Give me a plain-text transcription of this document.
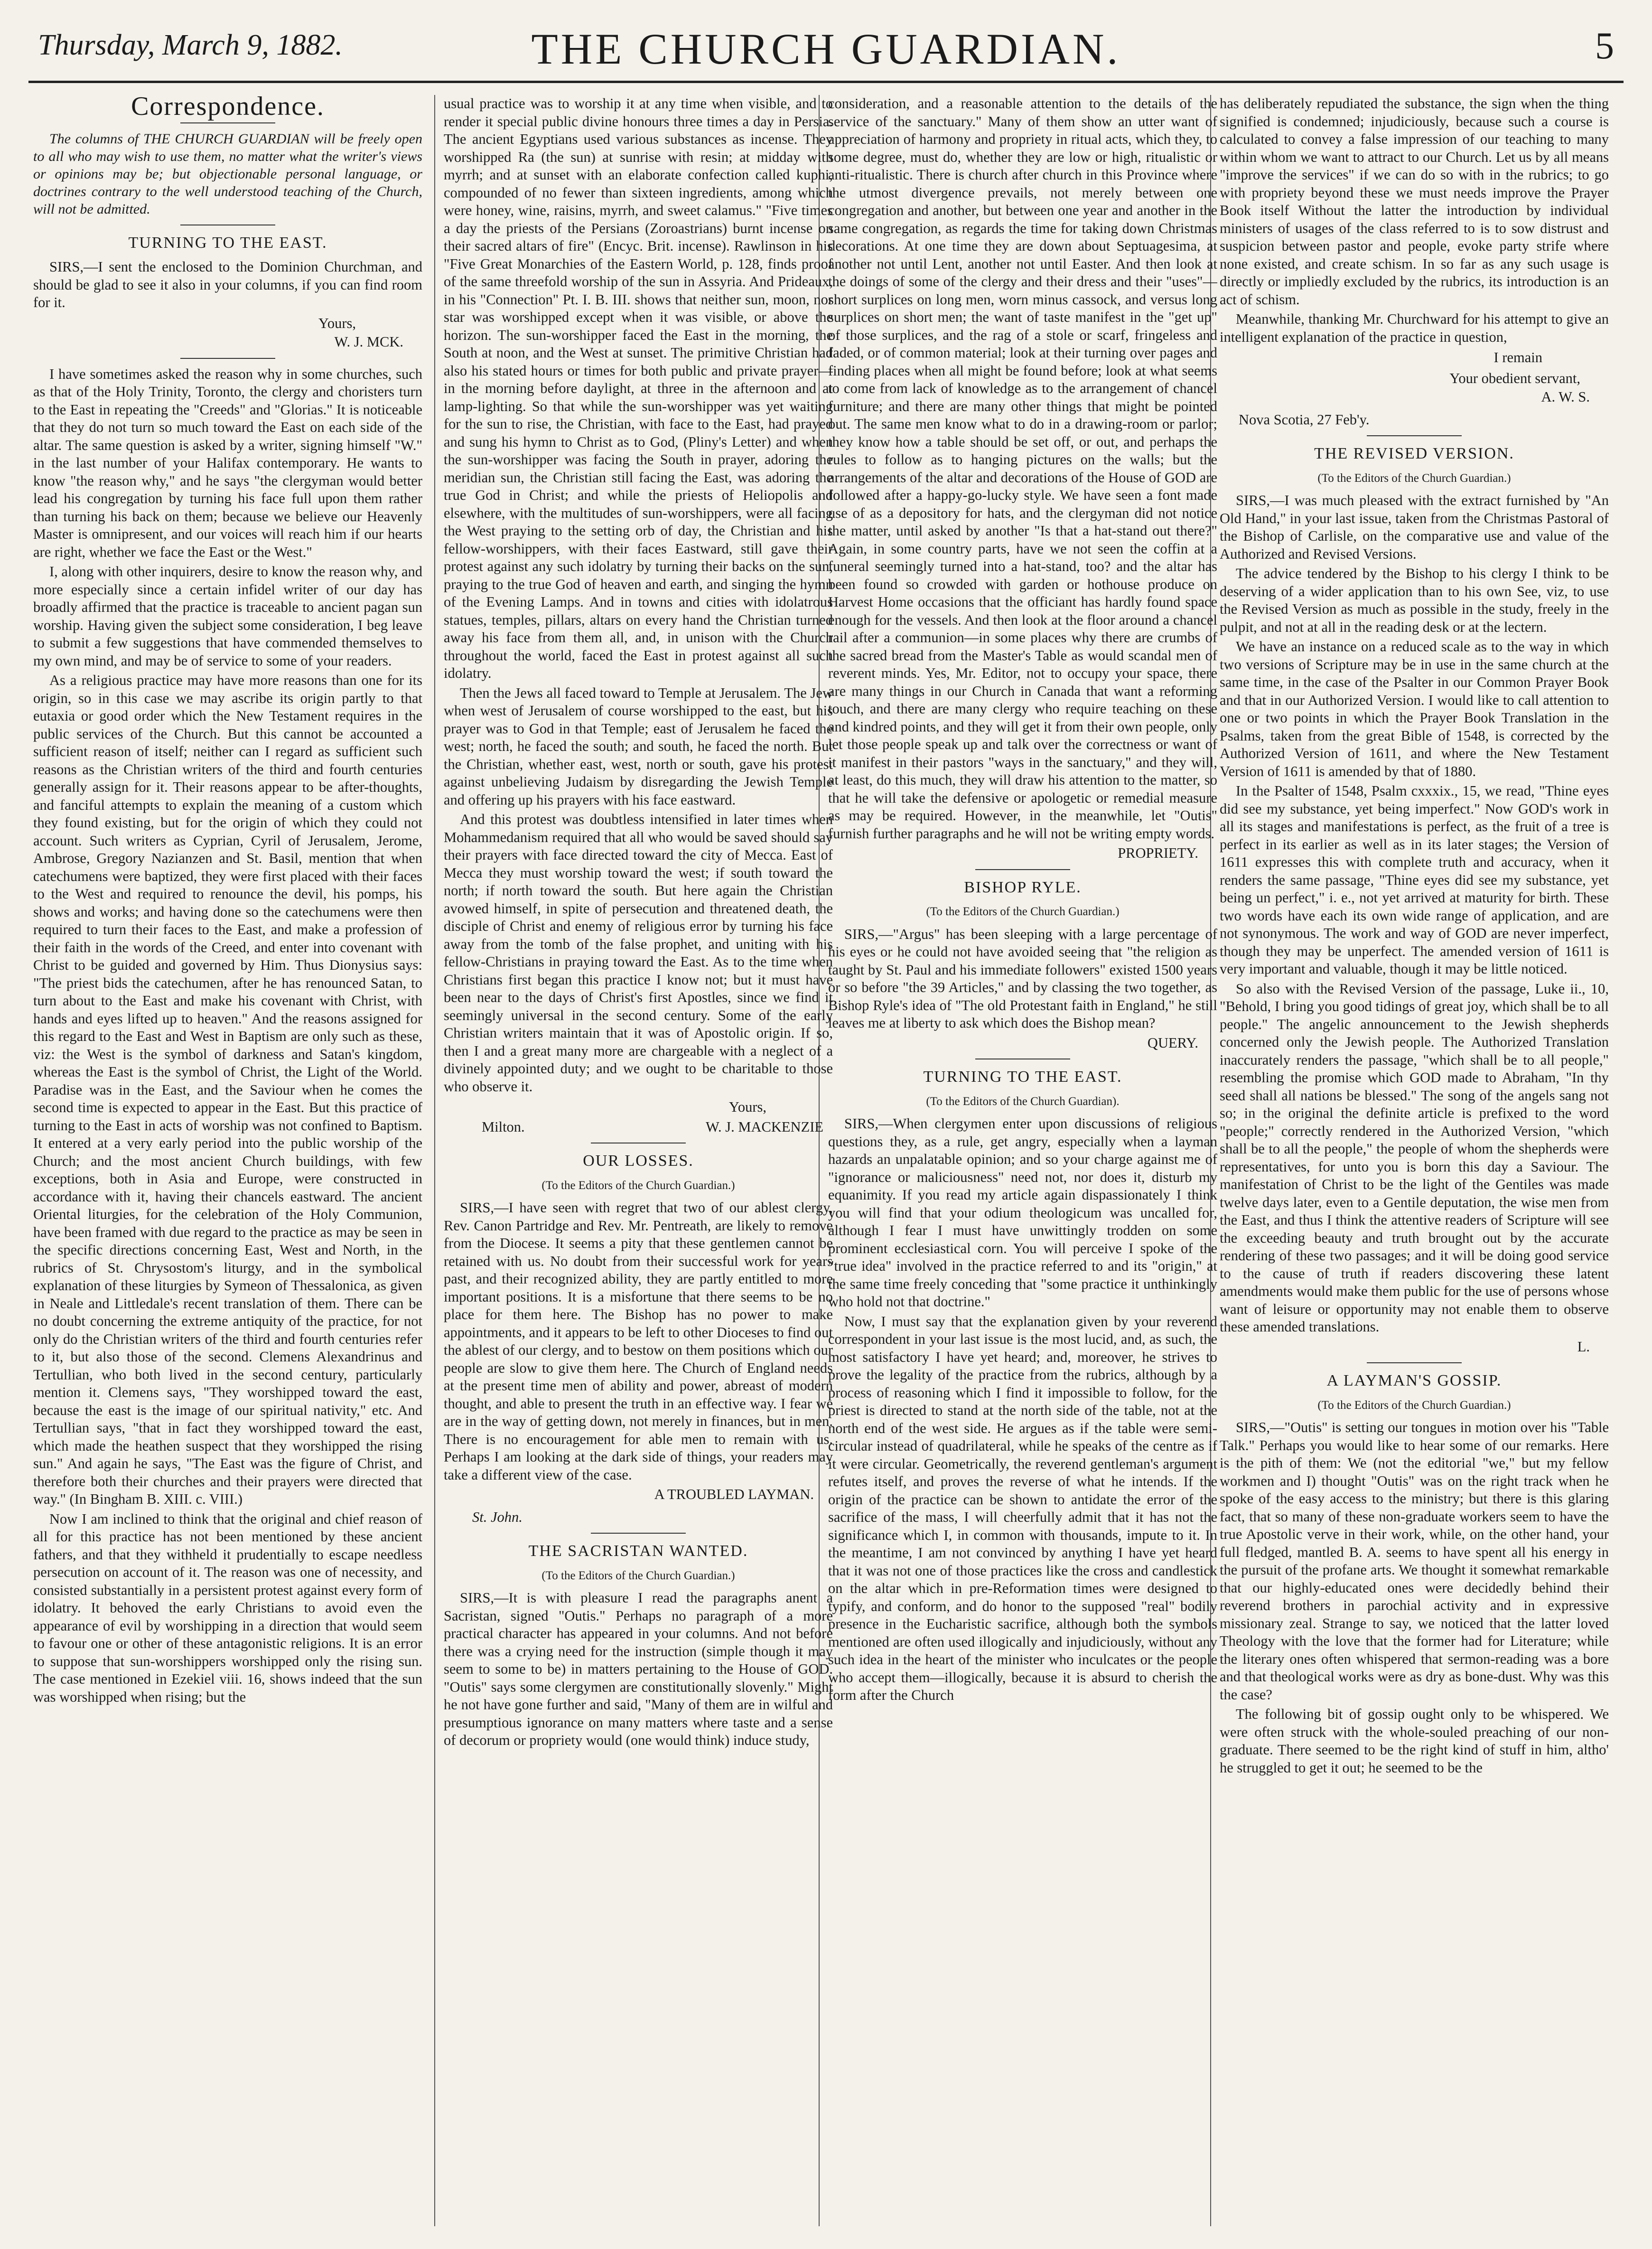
Thursday, March 9, 1882.	THE CHURCH GUARDIAN.	5
Correspondence.

The columns of THE CHURCH GUARDIAN will be freely open to all who may wish to use them, no matter what the writer's views or opinions may be; but objectionable personal language, or doctrines contrary to the well understood teaching of the Church, will not be admitted.

TURNING TO THE EAST.

SIRS,—I sent the enclosed to the Dominion Churchman, and should be glad to see it also in your columns, if you can find room for it.

Yours,
W. J. MCK.

I have sometimes asked the reason why in some churches, such as that of the Holy Trinity, Toronto, the clergy and choristers turn to the East in repeating the "Creeds" and "Glorias." It is noticeable that they do not turn so much toward the East on each side of the altar. The same question is asked by a writer, signing himself "W." in the last number of your Halifax contemporary. He wants to know "the reason why," and he says "the clergyman would better lead his congregation by turning his face full upon them rather than turning his back on them; because we believe our Heavenly Master is omnipresent, and our voices will reach him if our hearts are right, whether we face the East or the West."

I, along with other inquirers, desire to know the reason why, and more especially since a certain infidel writer of our day has broadly affirmed that the practice is traceable to ancient pagan sun worship. Having given the subject some consideration, I beg leave to submit a few suggestions that have commended themselves to my own mind, and may be of service to some of your readers.

As a religious practice may have more reasons than one for its origin, so in this case we may ascribe its origin partly to that eutaxia or good order which the New Testament requires in the public services of the Church. But this cannot be accounted a sufficient reason of itself; neither can I regard as sufficient such reasons as the Christian writers of the third and fourth centuries generally assign for it. Their reasons appear to be after-thoughts, and fanciful attempts to explain the meaning of a custom which they found existing, but for the origin of which they could not account. Such writers as Cyprian, Cyril of Jerusalem, Jerome, Ambrose, Gregory Nazianzen and St. Basil, mention that when catechumens were baptized, they were first placed with their faces to the West and required to renounce the devil, his pomps, his shows and works; and having done so the catechumens were then required to turn their faces to the East, and make a profession of their faith in the words of the Creed, and enter into covenant with Christ to be guided and governed by Him. Thus Dionysius says: "The priest bids the catechumen, after he has renounced Satan, to turn about to the East and make his covenant with Christ, with hands and eyes lifted up to heaven." And the reasons assigned for this regard to the East and West in Baptism are only such as these, viz: the West is the symbol of darkness and Satan's kingdom, whereas the East is the symbol of Christ, the Light of the World. Paradise was in the East, and the Saviour when he comes the second time is expected to appear in the East. But this practice of turning to the East in acts of worship was not confined to Baptism. It entered at a very early period into the public worship of the Church; and the most ancient Church buildings, with few exceptions, both in Asia and Europe, were constructed in accordance with it, having their chancels eastward. The ancient Oriental liturgies, for the celebration of the Holy Communion, have been framed with due regard to the practice as may be seen in the specific directions concerning East, West and North, in the rubrics of St. Chrysostom's liturgy, and in the symbolical explanation of these liturgies by Symeon of Thessalonica, as given in Neale and Littledale's recent translation of them. There can be no doubt concerning the extreme antiquity of the practice, for not only do the Christian writers of the third and fourth centuries refer to it, but also those of the second. Clemens Alexandrinus and Tertullian, who both lived in the second century, particularly mention it. Clemens says, "They worshipped toward the east, because the east is the image of our spiritual nativity," etc. And Tertullian says, "that in fact they worshipped toward the east, which made the heathen suspect that they worshipped the rising sun." And again he says, "The East was the figure of Christ, and therefore both their churches and their prayers were directed that way." (In Bingham B. XIII. c. VIII.)

Now I am inclined to think that the original and chief reason of all for this practice has not been mentioned by these ancient fathers, and that they withheld it prudentially to escape needless persecution on account of it. The reason was one of necessity, and consisted substantially in a persistent protest against every form of idolatry. It behoved the early Christians to avoid even the appearance of evil by worshipping in a direction that would seem to favour one or other of these antagonistic religions. It is an error to suppose that sun-worshippers worshipped only the rising sun. The case mentioned in Ezekiel viii. 16, shows indeed that the sun was worshipped when rising; but the

usual practice was to worship it at any time when visible, and to render it special public divine honours three times a day in Persia. The ancient Egyptians used various substances as incense. They worshipped Ra (the sun) at sunrise with resin; at midday with myrrh; and at sunset with an elaborate confection called kuphi, compounded of no fewer than sixteen ingredients, among which were honey, wine, raisins, myrrh, and sweet calamus." "Five times a day the priests of the Persians (Zoroastrians) burnt incense on their sacred altars of fire" (Encyc. Brit. incense). Rawlinson in his "Five Great Monarchies of the Eastern World, p. 128, finds proof of the same threefold worship of the sun in Assyria. And Prideaux, in his "Connection" Pt. I. B. III. shows that neither sun, moon, nor star was worshipped except when it was visible, or above the horizon. The sun-worshipper faced the East in the morning, the South at noon, and the West at sunset. The primitive Christian had also his stated hours or times for both public and private prayer—in the morning before daylight, at three in the afternoon and at lamp-lighting. So that while the sun-worshipper was yet waiting for the sun to rise, the Christian, with face to the East, had prayed and sung his hymn to Christ as to God, (Pliny's Letter) and when the sun-worshipper was facing the South in prayer, adoring the meridian sun, the Christian still facing the East, was adoring the true God in Christ; and while the priests of Heliopolis and elsewhere, with the multitudes of sun-worshippers, were all facing the West praying to the setting orb of day, the Christian and his fellow-worshippers, with their faces Eastward, still gave their protest against any such idolatry by turning their backs on the sun, praying to the true God of heaven and earth, and singing the hymn of the Evening Lamps. And in towns and cities with idolatrous statues, temples, pillars, altars on every hand the Christian turned away his face from them all, and, in unison with the Church throughout the world, faced the East in protest against all such idolatry.

Then the Jews all faced toward to Temple at Jerusalem. The Jew when west of Jerusalem of course worshipped to the east, but his prayer was to God in that Temple; east of Jerusalem he faced the west; north, he faced the south; and south, he faced the north. But the Christian, whether east, west, north or south, gave his protest against unbelieving Judaism by disregarding the Jewish Temple and offering up his prayers with his face eastward.

And this protest was doubtless intensified in later times when Mohammedanism required that all who would be saved should say their prayers with face directed toward the city of Mecca. East of Mecca they must worship toward the west; if south toward the north; if north toward the south. But here again the Christian avowed himself, in spite of persecution and threatened death, the disciple of Christ and enemy of religious error by turning his face away from the tomb of the false prophet, and uniting with his fellow-Christians in praying toward the East. As to the time when Christians first began this practice I know not; but it must have been near to the days of Christ's first Apostles, since we find it seemingly universal in the second century. Some of the early Christian writers maintain that it was of Apostolic origin. If so, then I and a great many more are chargeable with a neglect of a divinely appointed duty; and we ought to be charitable to those who observe it.

Yours,
Milton.	W. J. MACKENZIE
OUR LOSSES.
(To the Editors of the Church Guardian.)

SIRS,—I have seen with regret that two of our ablest clergy, Rev. Canon Partridge and Rev. Mr. Pentreath, are likely to remove from the Diocese. It seems a pity that these gentlemen cannot be retained with us. No doubt from their successful work for years past, and their recognized ability, they are partly entitled to more important positions. It is a misfortune that there seems to be no place for them here. The Bishop has no power to make appointments, and it appears to be left to other Dioceses to find out the ablest of our clergy, and to bestow on them positions which our people are slow to give them here. The Church of England needs at the present time men of ability and power, abreast of modern thought, and able to present the truth in an effective way. I fear we are in the way of getting down, not merely in finances, but in men. There is no encouragement for able men to remain with us. Perhaps I am looking at the dark side of things, your readers may take a different view of the case.

A TROUBLED LAYMAN.

St. John.

THE SACRISTAN WANTED.
(To the Editors of the Church Guardian.)

SIRS,—It is with pleasure I read the paragraphs anent a Sacristan, signed "Outis." Perhaps no paragraph of a more practical character has appeared in your columns. And not before there was a crying need for the instruction (simple though it may seem to some to be) in matters pertaining to the House of GOD. "Outis" says some clergymen are constitutionally slovenly." Might he not have gone further and said, "Many of them are in wilful and presumptious ignorance on many matters where taste and a sense of decorum or propriety would (one would think) induce study,

consideration, and a reasonable attention to the details of the service of the sanctuary." Many of them show an utter want of appreciation of harmony and propriety in ritual acts, which they, to some degree, must do, whether they are low or high, ritualistic or anti-ritualistic. There is church after church in this Province where the utmost divergence prevails, not merely between one congregation and another, but between one year and another in the same congregation, as regards the time for taking down Christmas decorations. At one time they are down about Septuagesima, at another not until Lent, another not until Easter. And then look at the doings of some of the clergy and their dress and their "uses"—short surplices on long men, worn minus cassock, and versus long surplices on short men; the want of taste manifest in the "get up" of those surplices, and the rag of a stole or scarf, fringeless and faded, or of common material; look at their turning over pages and finding places when all might be found before; look at what seems to come from lack of knowledge as to the arrangement of chancel furniture; and there are many other things that might be pointed out. The same men know what to do in a drawing-room or parlor; they know how a table should be set off, or out, and perhaps the rules to follow as to hanging pictures on the walls; but the arrangements of the altar and decorations of the House of GOD are followed after a happy-go-lucky style. We have seen a font made use of as a depository for hats, and the clergyman did not notice the matter, until asked by another "Is that a hat-stand out there?" Again, in some country parts, have we not seen the coffin at a funeral seemingly turned into a hat-stand, too? and the altar has been found so crowded with garden or hothouse produce on Harvest Home occasions that the officiant has hardly found space enough for the vessels. And then look at the floor around a chancel rail after a communion—in some places why there are crumbs of the sacred bread from the Master's Table as would scandal men of reverent minds. Yes, Mr. Editor, not to occupy your space, there are many things in our Church in Canada that want a reforming touch, and there are many clergy who require teaching on these and kindred points, and they will get it from their own people, only let those people speak up and talk over the correctness or want of it manifest in their pastors "ways in the sanctuary," and they will, at least, do this much, they will draw his attention to the matter, so that he will take the defensive or apologetic or remedial measure as may be required. However, in the meanwhile, let "Outis" furnish further paragraphs and he will not be writing empty words.

PROPRIETY.
BISHOP RYLE.
(To the Editors of the Church Guardian.)

SIRS,—"Argus" has been sleeping with a large percentage of his eyes or he could not have avoided seeing that "the religion as taught by St. Paul and his immediate followers" existed 1500 years or so before "the 39 Articles," and by classing the two together, as Bishop Ryle's idea of "The old Protestant faith in England," he still leaves me at liberty to ask which does the Bishop mean?

QUERY.
TURNING TO THE EAST.
(To the Editors of the Church Guardian).

SIRS,—When clergymen enter upon discussions of religious questions they, as a rule, get angry, especially when a layman hazards an unpalatable opinion; and so your charge against me of "ignorance or maliciousness" need not, nor does it, disturb my equanimity. If you read my article again dispassionately I think you will find that your odium theologicum was uncalled for, although I fear I must have unwittingly trodden on some prominent ecclesiastical corn. You will perceive I spoke of the "true idea" involved in the practice referred to and its "origin," at the same time freely conceding that "some practice it unthinkingly who hold not that doctrine."

Now, I must say that the explanation given by your reverend correspondent in your last issue is the most lucid, and, as such, the most satisfactory I have yet heard; and, moreover, he strives to prove the legality of the practice from the rubrics, although by a process of reasoning which I find it impossible to follow, for the priest is directed to stand at the north side of the table, not at the north end of the west side. He argues as if the table were semi-circular instead of quadrilateral, while he speaks of the centre as if it were circular. Geometrically, the reverend gentleman's argument refutes itself, and proves the reverse of what he intends. If the origin of the practice can be shown to antidate the error of the sacrifice of the mass, I will cheerfully admit that it has not the significance which I, in common with thousands, impute to it. In the meantime, I am not convinced by anything I have yet heard that it was not one of those practices like the cross and candlestick on the altar which in pre-Reformation times were designed to typify, and conform, and do honor to the supposed "real" bodily presence in the Eucharistic sacrifice, although both the symbols mentioned are often used illogically and injudiciously, without any such idea in the heart of the minister who inculcates or the people who accept them—illogically, because it is absurd to cherish the form after the Church

has deliberately repudiated the substance, the sign when the thing signified is condemned; injudiciously, because such a course is calculated to convey a false impression of our teaching to many within whom we want to attract to our Church. Let us by all means "improve the services" if we can do so with in the rubrics; to go with propriety beyond these we must needs improve the Prayer Book itself Without the latter the introduction by individual ministers of usages of the class referred to is to sow distrust and suspicion between pastor and people, evoke party strife where none existed, and create schism. In so far as any such usage is directly or impliedly excluded by the rubrics, its introduction is an act of schism.

Meanwhile, thanking Mr. Churchward for his attempt to give an intelligent explanation of the practice in question,

I remain
Your obedient servant,
A. W. S.

Nova Scotia, 27 Feb'y.

THE REVISED VERSION.
(To the Editors of the Church Guardian.)

SIRS,—I was much pleased with the extract furnished by "An Old Hand," in your last issue, taken from the Christmas Pastoral of the Bishop of Carlisle, on the comparative use and value of the Authorized and Revised Versions.

The advice tendered by the Bishop to his clergy I think to be deserving of a wider application than to his own See, viz, to use the Revised Version as much as possible in the study, freely in the pulpit, and not at all in the reading desk or at the lectern.

We have an instance on a reduced scale as to the way in which two versions of Scripture may be in use in the same church at the same time, in the case of the Psalter in our Common Prayer Book and that in our Authorized Version. I would like to call attention to one or two points in which the Prayer Book Translation in the Psalms, taken from the great Bible of 1548, is corrected by the Authorized Version of 1611, and where the New Testament Version of 1611 is amended by that of 1880.

In the Psalter of 1548, Psalm cxxxix., 15, we read, "Thine eyes did see my substance, yet being imperfect." Now GOD's work in all its stages and manifestations is perfect, as the fruit of a tree is perfect in its earlier as well as in its later stages; the Version of 1611 expresses this with complete truth and accuracy, when it renders the same passage, "Thine eyes did see my substance, yet being un perfect," i. e., not yet arrived at maturity for birth. These two words have each its own wide range of application, and are not synonymous. The work and way of GOD are never imperfect, though they may be unperfect. The amended version of 1611 is very important and valuable, though it may be little noticed.

So also with the Revised Version of the passage, Luke ii., 10, "Behold, I bring you good tidings of great joy, which shall be to all people." The angelic announcement to the Jewish shepherds concerned only the Jewish people. The Authorized Translation inaccurately renders the passage, "which shall be to all people," resembling the promise which GOD made to Abraham, "In thy seed shall all nations be blessed." The song of the angels sang not so; in the original the definite article is prefixed to the word "people;" correctly rendered in the Authorized Version, "which shall be to all the people," the people of whom the shepherds were representatives, for unto you is born this day a Saviour. The manifestation of Christ to be the light of the Gentiles was made twelve days later, even to a Gentile deputation, the wise men from the East, and thus I think the attentive readers of Scripture will see the exceeding beauty and truth brought out by the accurate rendering of these two passages; and it will be doing good service to the cause of truth if readers discovering these latent amendments would make them public for the use of persons whose want of leisure or opportunity may not enable them to observe these amended translations.

L.
A LAYMAN'S GOSSIP.
(To the Editors of the Church Guardian.)

SIRS,—"Outis" is setting our tongues in motion over his "Table Talk." Perhaps you would like to hear some of our remarks. Here is the pith of them: We (not the editorial "we," but my fellow workmen and I) thought "Outis" was on the right track when he spoke of the easy access to the ministry; but there is this glaring fact, that so many of these non-graduate workers seem to have the true Apostolic verve in their work, while, on the other hand, your full fledged, mantled B. A. seems to have spent all his energy in the pursuit of the profane arts. We thought it somewhat remarkable that our highly-educated ones were decidedly behind their reverend brothers in parochial activity and in expressive missionary zeal. Strange to say, we noticed that the latter loved Theology with the love that the former had for Literature; while the literary ones often whispered that sermon-reading was a bore and that theological works were as dry as bone-dust. Why was this the case?

The following bit of gossip ought only to be whispered. We were often struck with the whole-souled preaching of our non-graduate. There seemed to be the right kind of stuff in him, altho' he struggled to get it out; he seemed to be the
